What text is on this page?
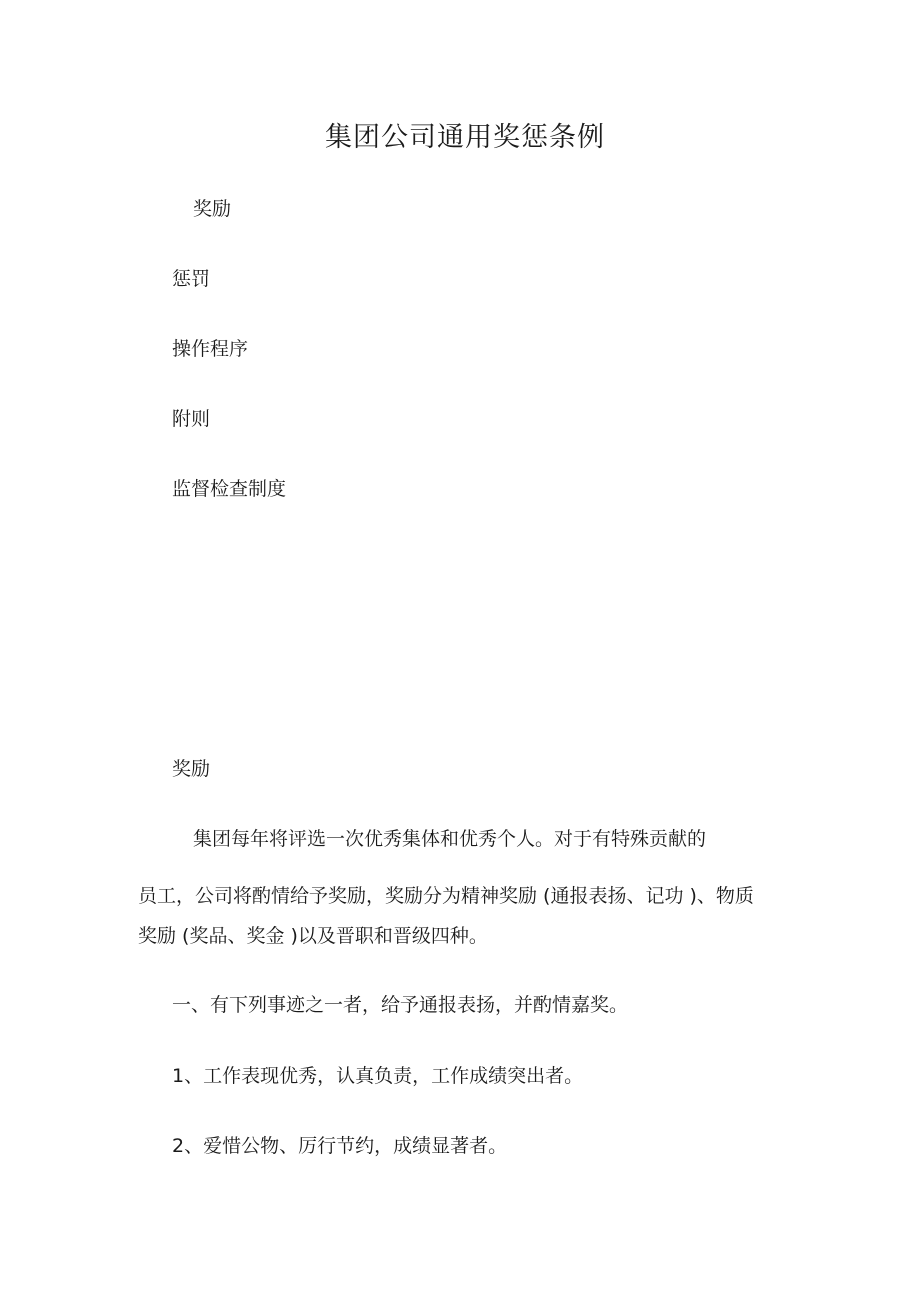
集团公司通用奖惩条例
奖励
惩罚
操作程序
附则
监督检查制度
奖励
集团每年将评选一次优秀集体和优秀个人。对于有特殊贡献的
员工，公司将酌情给予奖励，奖励分为精神奖励 (通报表扬、记功 )、物质
奖励 (奖品、奖金 )以及晋职和晋级四种。
一、有下列事迹之一者，给予通报表扬，并酌情嘉奖。
1、工作表现优秀，认真负责，工作成绩突出者。
2、爱惜公物、厉行节约，成绩显著者。
